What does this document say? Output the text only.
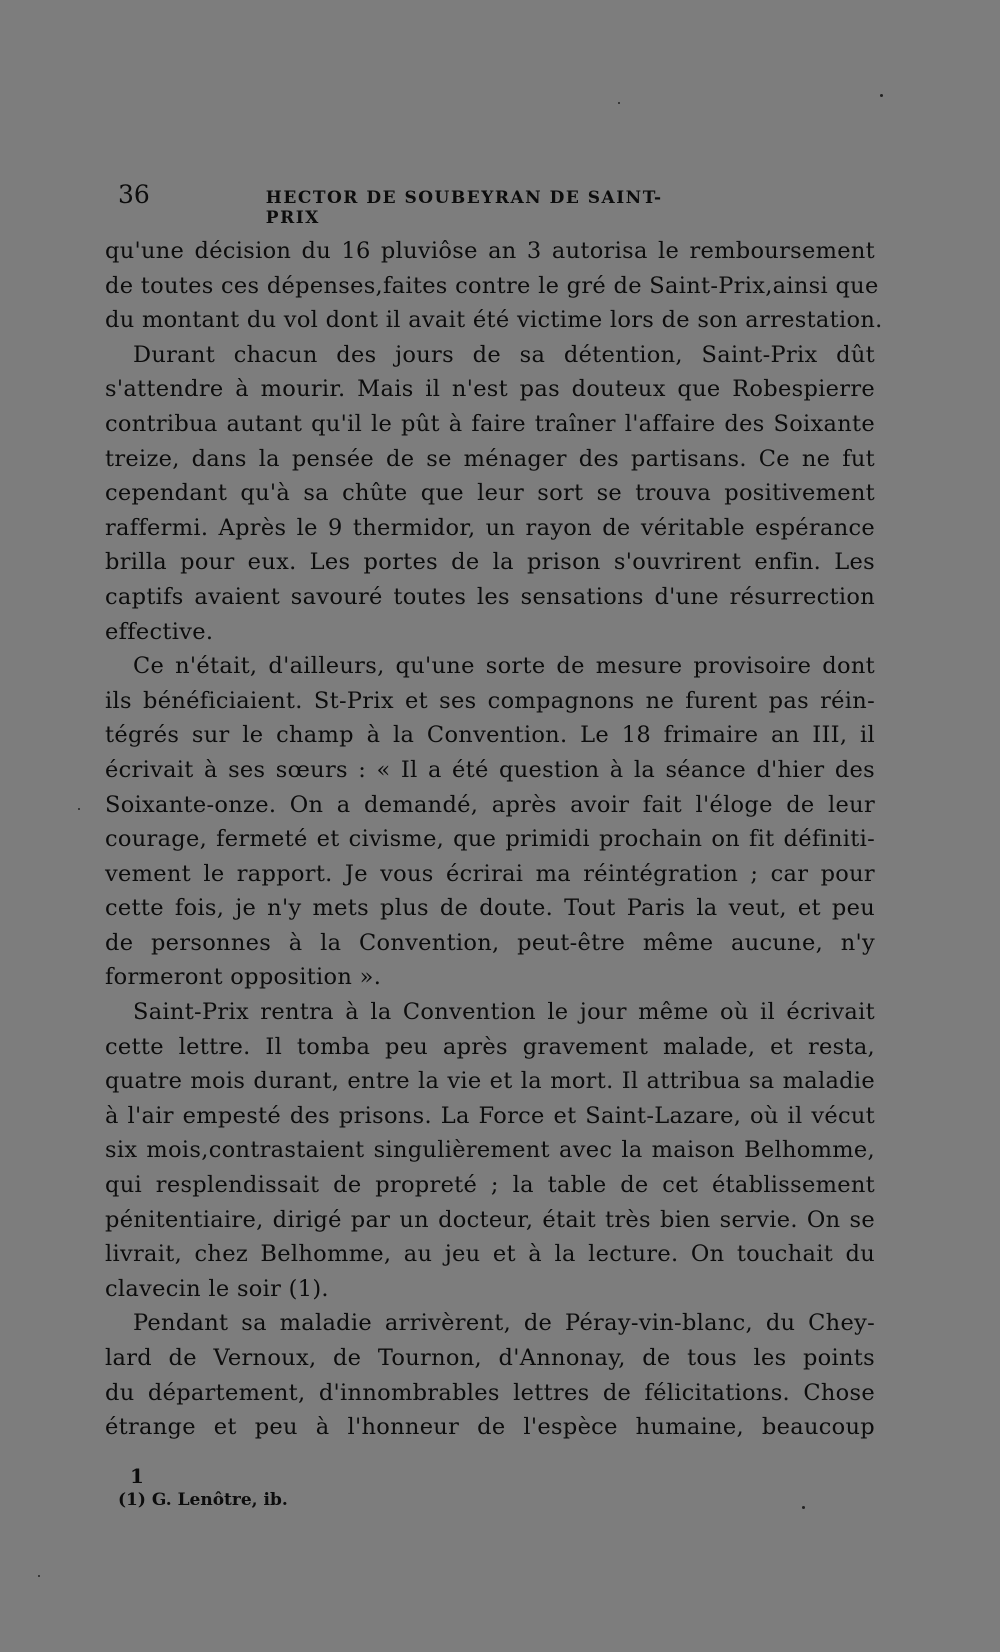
36	HECTOR DE SOUBEYRAN DE SAINT-PRIX
qu'une décision du 16 pluviôse an 3 autorisa le remboursement
de toutes ces dépenses,faites contre le gré de Saint-Prix,ainsi que
du montant du vol dont il avait été victime lors de son arrestation.
Durant chacun des jours de sa détention, Saint-Prix dût
s'attendre à mourir. Mais il n'est pas douteux que Robespierre
contribua autant qu'il le pût à faire traîner l'affaire des Soixante
treize, dans la pensée de se ménager des partisans. Ce ne fut
cependant qu'à sa chûte que leur sort se trouva positivement
raffermi. Après le 9 thermidor, un rayon de véritable espérance
brilla pour eux. Les portes de la prison s'ouvrirent enfin. Les
captifs avaient savouré toutes les sensations d'une résurrection
effective.
Ce n'était, d'ailleurs, qu'une sorte de mesure provisoire dont
ils bénéficiaient. St-Prix et ses compagnons ne furent pas réin-
tégrés sur le champ à la Convention. Le 18 frimaire an III, il
écrivait à ses sœurs : « Il a été question à la séance d'hier des
Soixante-onze. On a demandé, après avoir fait l'éloge de leur
courage, fermeté et civisme, que primidi prochain on fit définiti-
vement le rapport. Je vous écrirai ma réintégration ; car pour
cette fois, je n'y mets plus de doute. Tout Paris la veut, et peu
de personnes à la Convention, peut-être même aucune, n'y
formeront opposition ».
Saint-Prix rentra à la Convention le jour même où il écrivait
cette lettre. Il tomba peu après gravement malade, et resta,
quatre mois durant, entre la vie et la mort. Il attribua sa maladie
à l'air empesté des prisons. La Force et Saint-Lazare, où il vécut
six mois,contrastaient singulièrement avec la maison Belhomme,
qui resplendissait de propreté ; la table de cet établissement
pénitentiaire, dirigé par un docteur, était très bien servie. On se
livrait, chez Belhomme, au jeu et à la lecture. On touchait du
clavecin le soir (1).
Pendant sa maladie arrivèrent, de Péray-vin-blanc, du Chey-
lard de Vernoux, de Tournon, d'Annonay, de tous les points
du département, d'innombrables lettres de félicitations. Chose
étrange et peu à l'honneur de l'espèce humaine, beaucoup
1
(1) G. Lenôtre, ib.
